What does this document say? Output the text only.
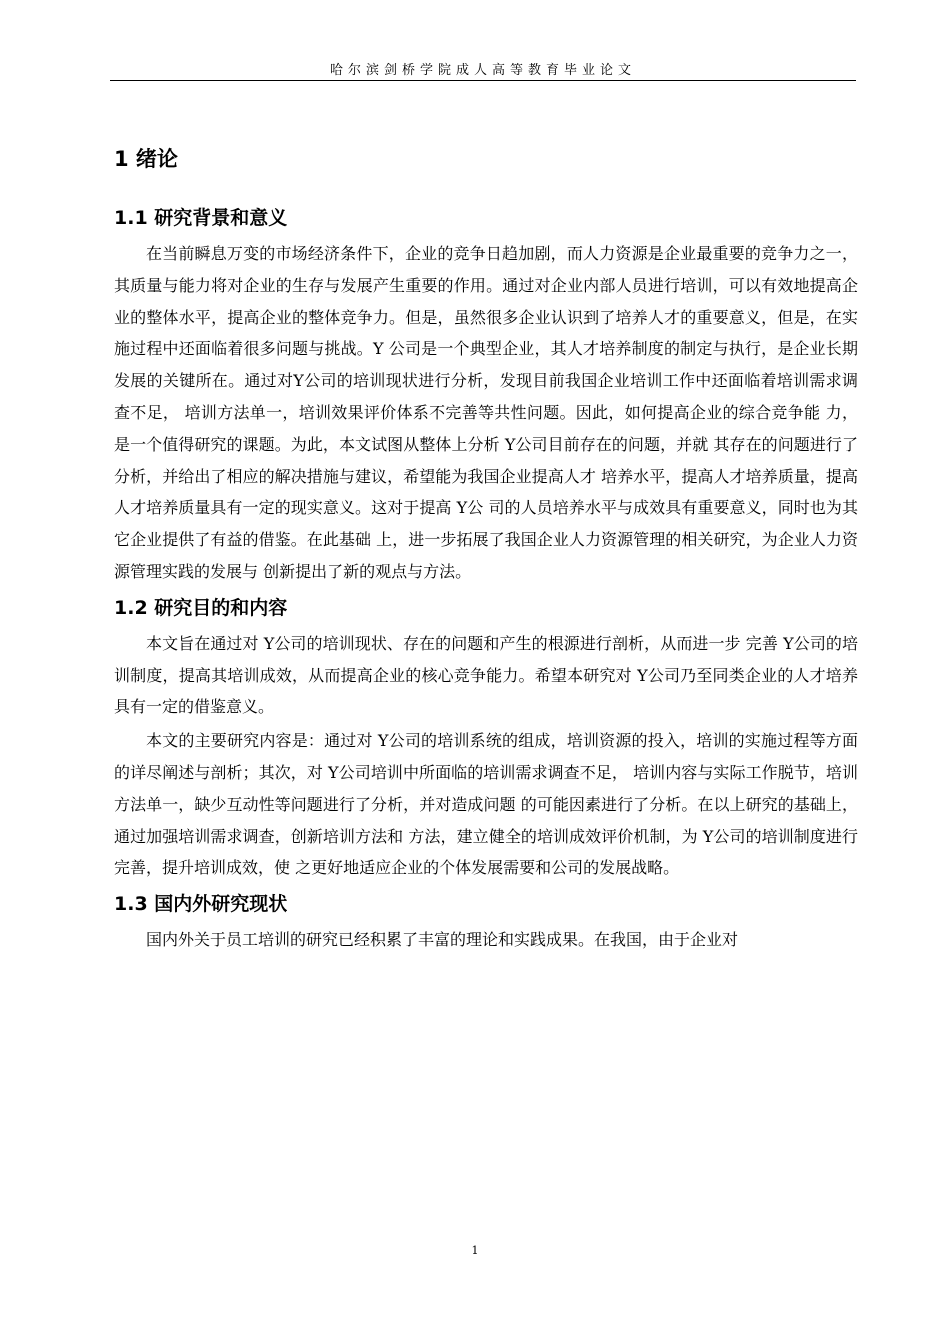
哈尔滨剑桥学院成人高等教育毕业论文
1 绪论
1.1 研究背景和意义

在当前瞬息万变的市场经济条件下，企业的竞争日趋加剧，而人力资源是企业最重要的竞争力之一，其质量与能力将对企业的生存与发展产生重要的作用。通过对企业内部人员进行培训，可以有效地提高企业的整体水平，提高企业的整体竞争力。但是，虽然很多企业认识到了培养人才的重要意义，但是，在实施过程中还面临着很多问题与挑战。Y 公司是一个典型企业，其人才培养制度的制定与执行，是企业长期发展的关键所在。通过对Y公司的培训现状进行分析，发现目前我国企业培训工作中还面临着培训需求调查不足， 培训方法单一，培训效果评价体系不完善等共性问题。因此，如何提高企业的综合竞争能 力，是一个值得研究的课题。为此，本文试图从整体上分析 Y公司目前存在的问题，并就 其存在的问题进行了分析，并给出了相应的解决措施与建议，希望能为我国企业提高人才 培养水平，提高人才培养质量，提高人才培养质量具有一定的现实意义。这对于提高 Y公 司的人员培养水平与成效具有重要意义，同时也为其它企业提供了有益的借鉴。在此基础 上，进一步拓展了我国企业人力资源管理的相关研究，为企业人力资源管理实践的发展与 创新提出了新的观点与方法。

1.2 研究目的和内容

本文旨在通过对 Y公司的培训现状、存在的问题和产生的根源进行剖析，从而进一步 完善 Y公司的培训制度，提高其培训成效，从而提高企业的核心竞争能力。希望本研究对 Y公司乃至同类企业的人才培养具有一定的借鉴意义。

本文的主要研究内容是：通过对 Y公司的培训系统的组成，培训资源的投入，培训的实施过程等方面的详尽阐述与剖析；其次，对 Y公司培训中所面临的培训需求调查不足， 培训内容与实际工作脱节，培训方法单一，缺少互动性等问题进行了分析，并对造成问题 的可能因素进行了分析。在以上研究的基础上，通过加强培训需求调查，创新培训方法和 方法，建立健全的培训成效评价机制，为 Y公司的培训制度进行完善，提升培训成效，使 之更好地适应企业的个体发展需要和公司的发展战略。

1.3 国内外研究现状

国内外关于员工培训的研究已经积累了丰富的理论和实践成果。在我国，由于企业对

1
